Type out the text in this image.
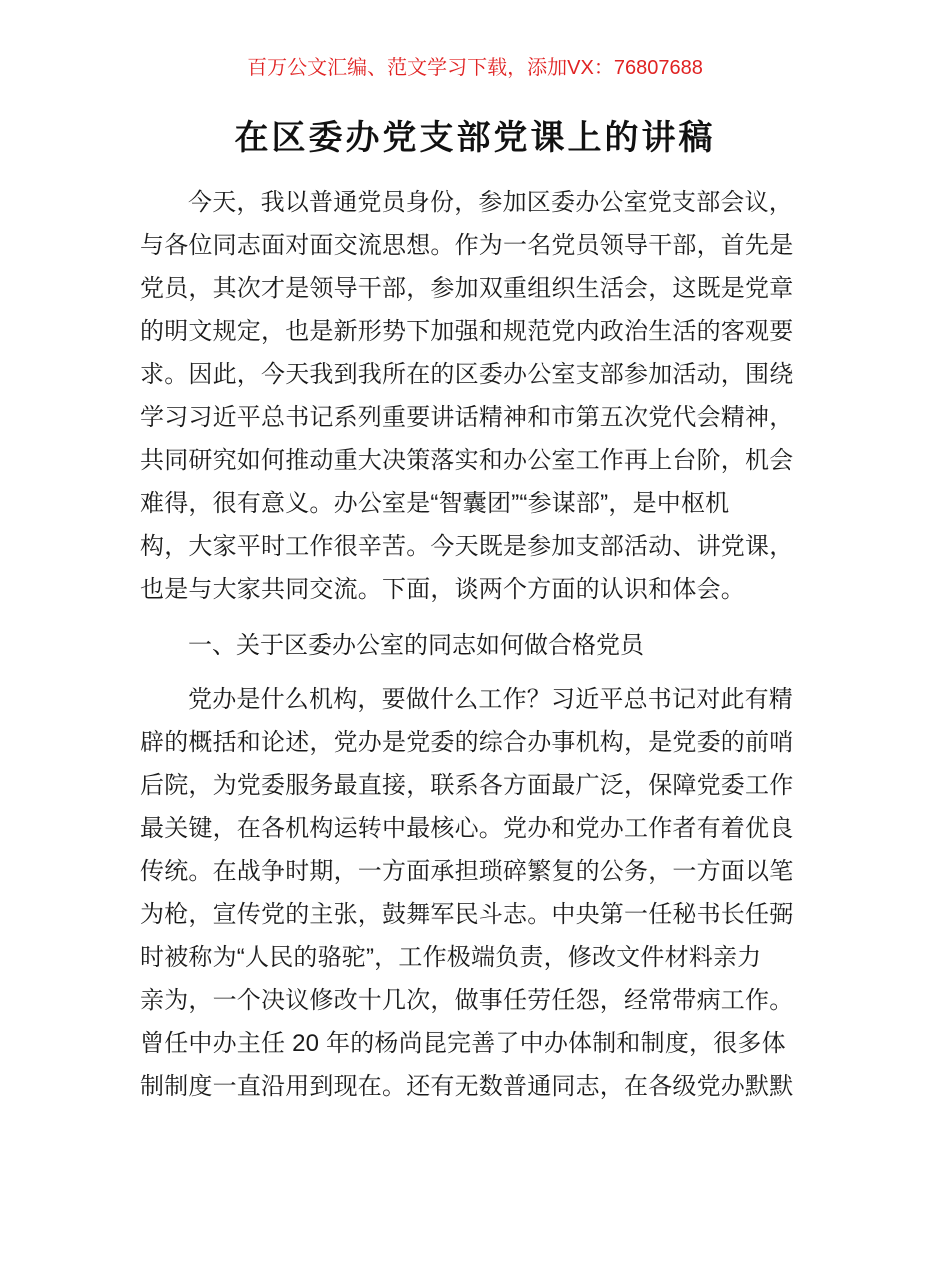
百万公文汇编、范文学习下载，添加VX：76807688
在区委办党支部党课上的讲稿
今天，我以普通党员身份，参加区委办公室党支部会议，
与各位同志面对面交流思想。作为一名党员领导干部，首先是
党员，其次才是领导干部，参加双重组织生活会，这既是党章
的明文规定，也是新形势下加强和规范党内政治生活的客观要
求。因此，今天我到我所在的区委办公室支部参加活动，围绕
学习习近平总书记系列重要讲话精神和市第五次党代会精神，
共同研究如何推动重大决策落实和办公室工作再上台阶，机会
难得，很有意义。办公室是“智囊团”“参谋部”，是中枢机
构，大家平时工作很辛苦。今天既是参加支部活动、讲党课，
也是与大家共同交流。下面，谈两个方面的认识和体会。
一、关于区委办公室的同志如何做合格党员
党办是什么机构，要做什么工作？习近平总书记对此有精
辟的概括和论述，党办是党委的综合办事机构，是党委的前哨
后院，为党委服务最直接，联系各方面最广泛，保障党委工作
最关键，在各机构运转中最核心。党办和党办工作者有着优良
传统。在战争时期，一方面承担琐碎繁复的公务，一方面以笔
为枪，宣传党的主张，鼓舞军民斗志。中央第一任秘书长任弼
时被称为“人民的骆驼”，工作极端负责，修改文件材料亲力
亲为，一个决议修改十几次，做事任劳任怨，经常带病工作。
曾任中办主任 20 年的杨尚昆完善了中办体制和制度，很多体
制制度一直沿用到现在。还有无数普通同志，在各级党办默默
